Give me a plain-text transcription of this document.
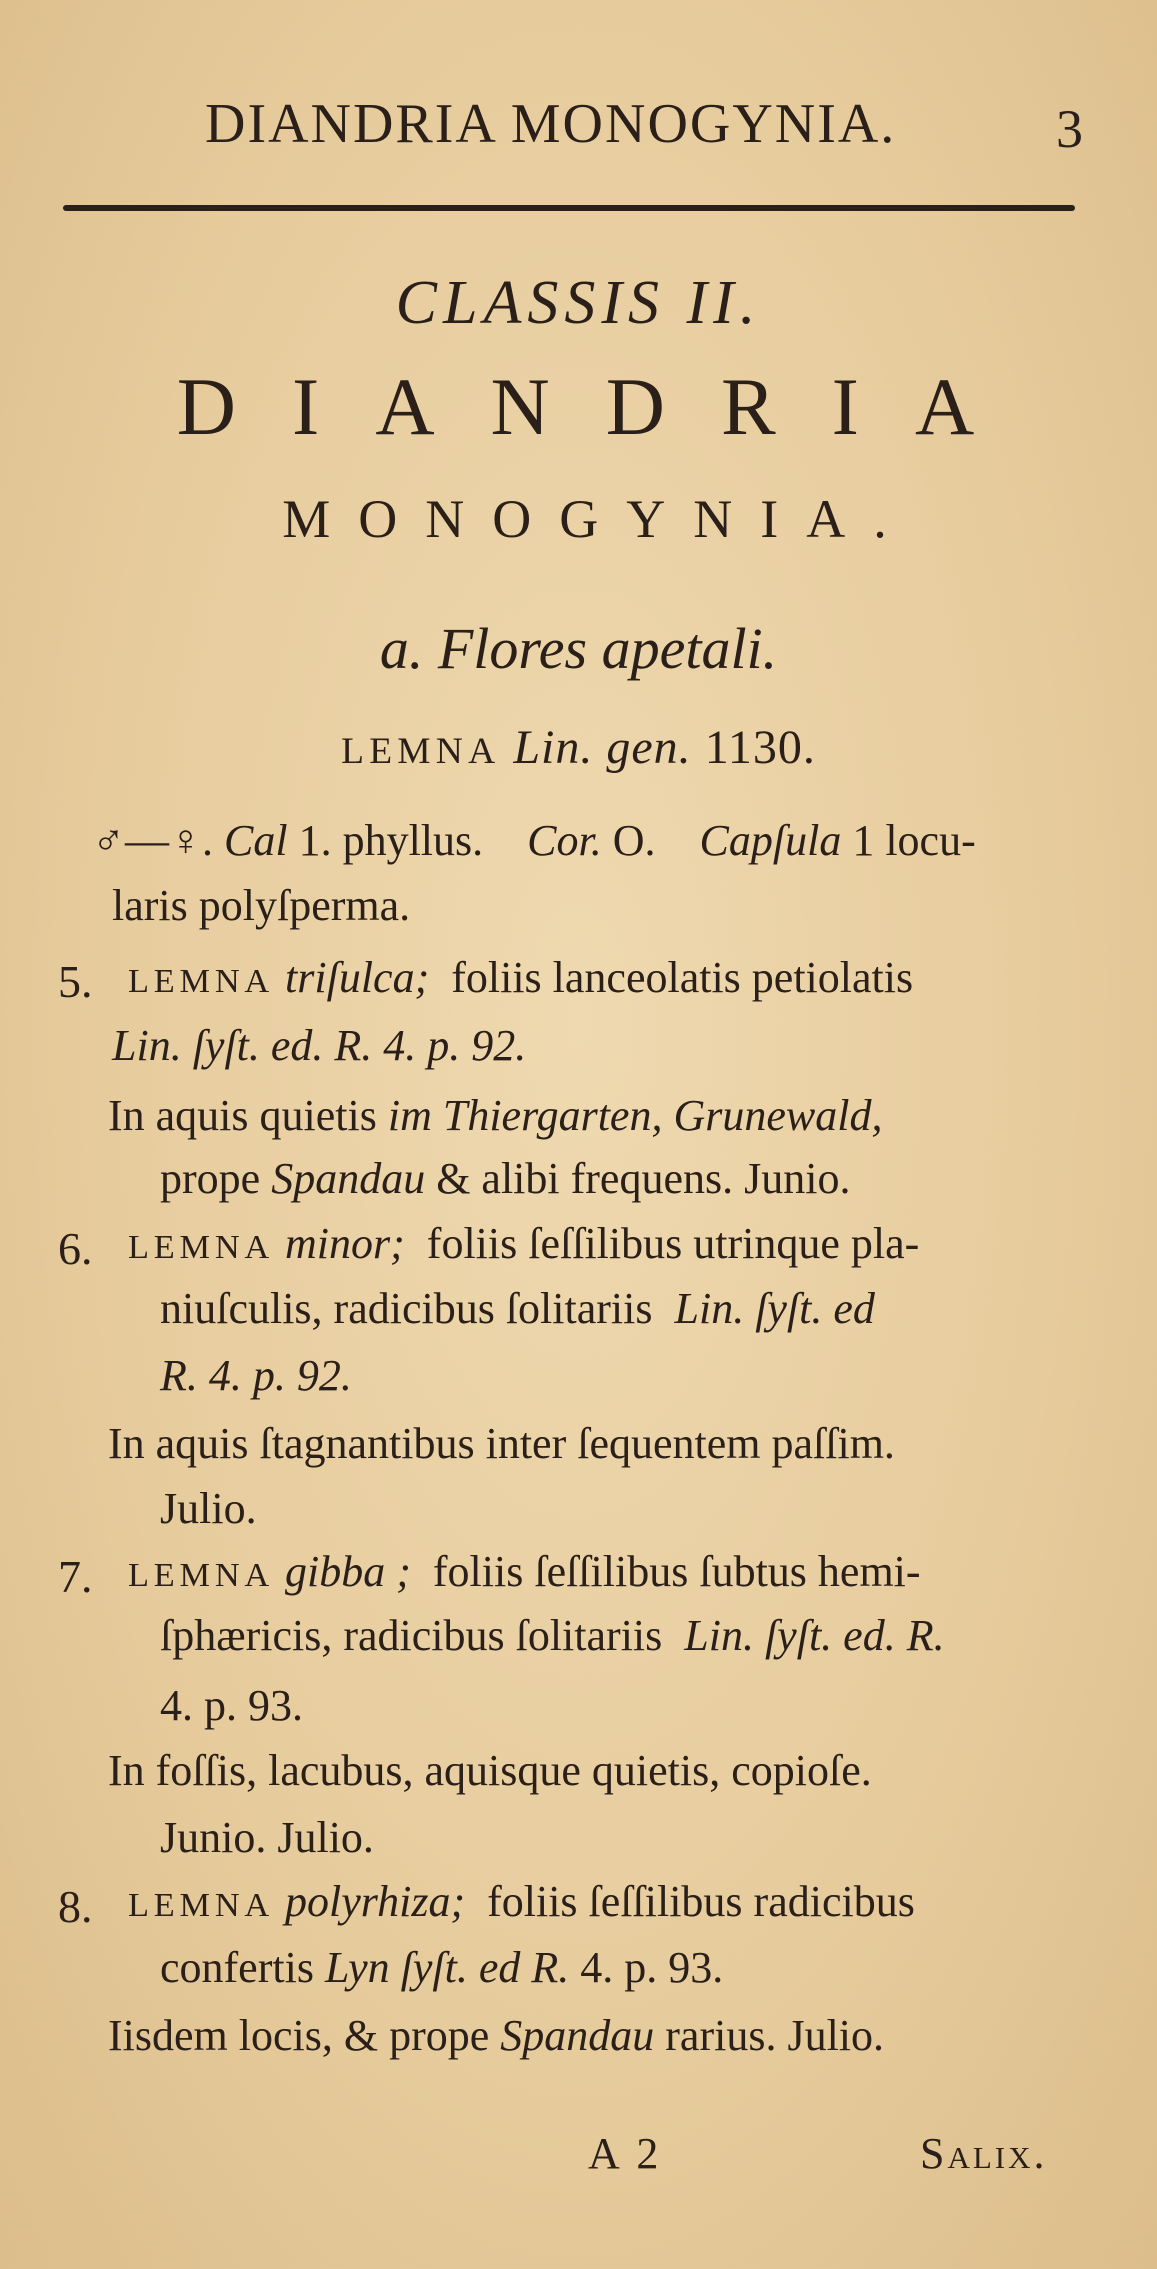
DIANDRIA MONOGYNIA.	3
CLASSIS II.
DIANDRIA
MONOGYNIA.
a. Flores apetali.
LEMNA Lin. gen. 1130.
♂—♀. Cal 1. phyllus. Cor. O. Capſula 1 locu-
laris polyſperma.
5. LEMNA triſulca; foliis lanceolatis petiolatis
Lin. ſyſt. ed. R. 4. p. 92.
In aquis quietis im Thiergarten, Grunewald,
prope Spandau & alibi frequens. Junio.
6. LEMNA minor; foliis ſeſſilibus utrinque pla-
niuſculis, radicibus ſolitariis Lin. ſyſt. ed
R. 4. p. 92.
In aquis ſtagnantibus inter ſequentem paſſim.
Julio.
7. LEMNA gibba ; foliis ſeſſilibus ſubtus hemi-
ſphæricis, radicibus ſolitariis Lin. ſyſt. ed. R.
4. p. 93.
In foſſis, lacubus, aquisque quietis, copioſe.
Junio. Julio.
8. LEMNA polyrhiza; foliis ſeſſilibus radicibus
confertis Lyn ſyſt. ed R. 4. p. 93.
Iisdem locis, & prope Spandau rarius. Julio.
A 2	Salix.
